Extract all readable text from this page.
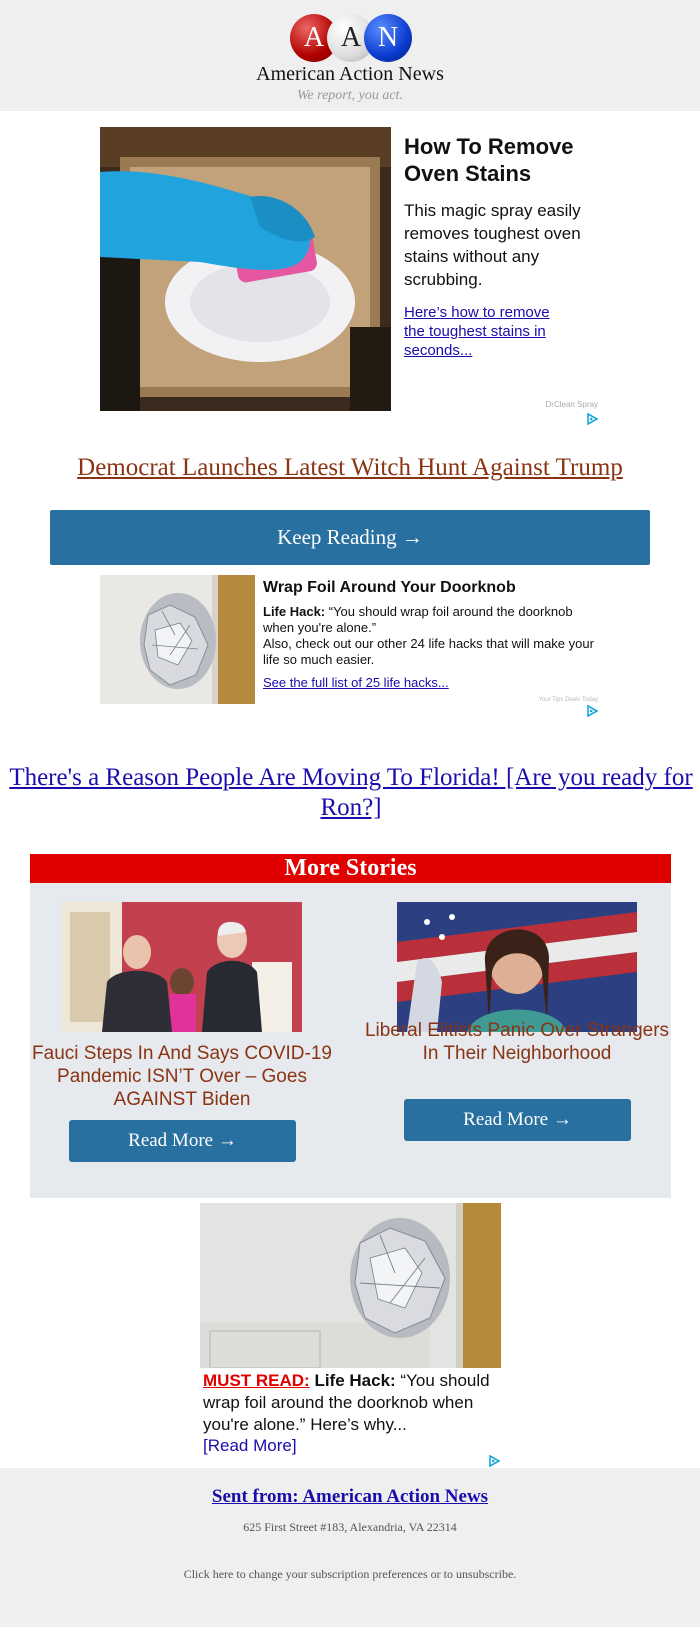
A A N
American Action News
We report, you act.
How To Remove Oven Stains
This magic spray easily removes toughest oven stains without any scrubbing.
Here’s how to remove the toughest stains in seconds...
DrClean Spray
Democrat Launches Latest Witch Hunt Against Trump
Keep Reading →
Wrap Foil Around Your Doorknob
Life Hack: “You should wrap foil around the doorknob when you're alone.”
Also, check out our other 24 life hacks that will make your life so much easier.
See the full list of 25 life hacks...
Your Tips Deals Today
There's a Reason People Are Moving To Florida! [Are you ready for Ron?]
More Stories
Fauci Steps In And Says COVID-19 Pandemic ISN’T Over – Goes AGAINST Biden
Read More →
Liberal Elitists Panic Over Strangers In Their Neighborhood
Read More →
MUST READ: Life Hack: “You should wrap foil around the doorknob when you're alone.” Here’s why...
[Read More]
Sent from: American Action News
625 First Street #183, Alexandria, VA 22314
Click here to change your subscription preferences or to unsubscribe.
